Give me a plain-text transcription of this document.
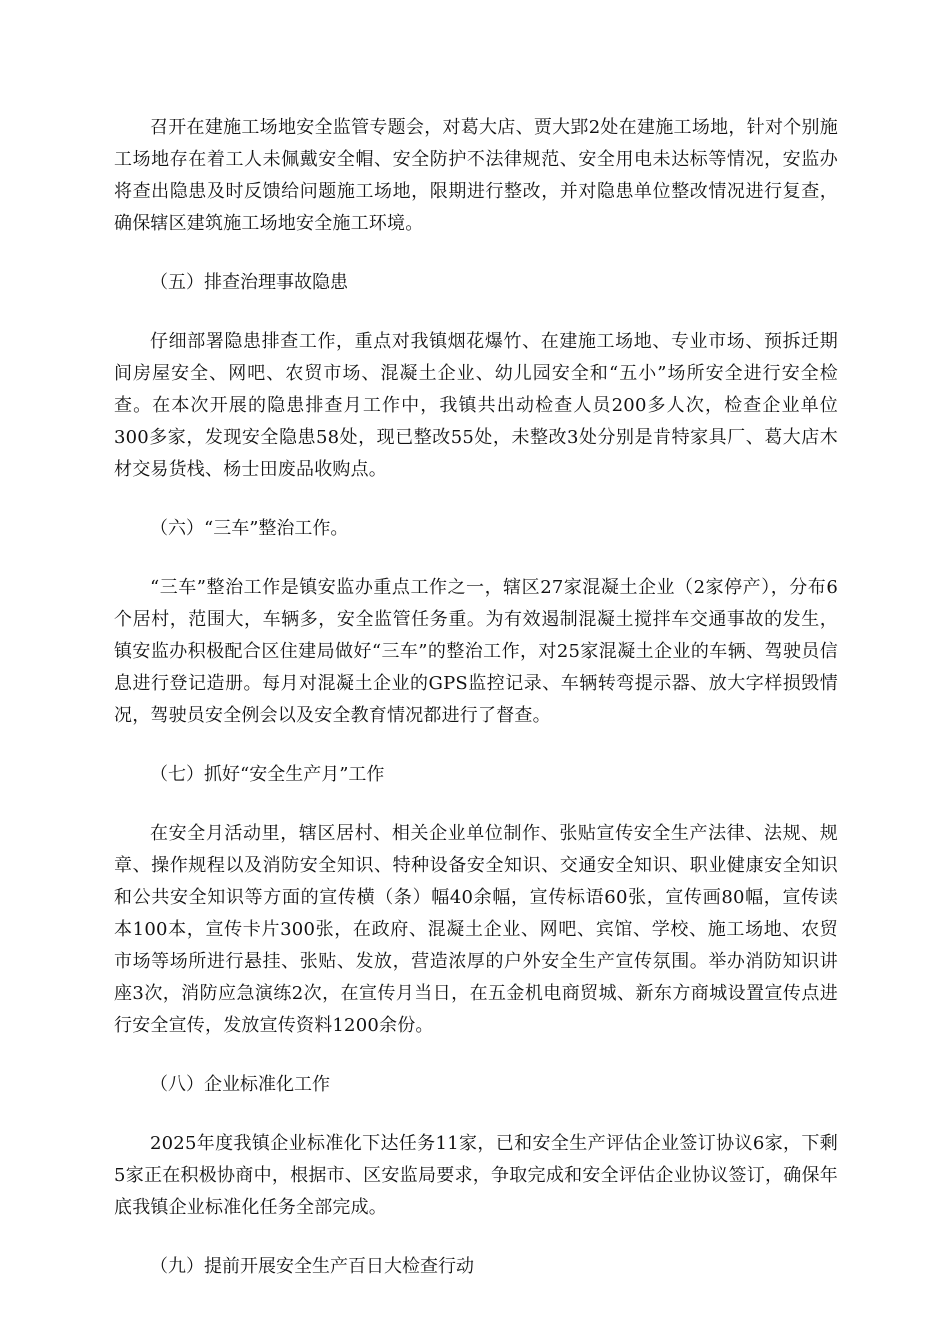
召开在建施工场地安全监管专题会，对葛大店、贾大郢2处在建施工场地，针对个别施工场地存在着工人未佩戴安全帽、安全防护不法律规范、安全用电未达标等情况，安监办将查出隐患及时反馈给问题施工场地，限期进行整改，并对隐患单位整改情况进行复查，确保辖区建筑施工场地安全施工环境。

（五）排查治理事故隐患

仔细部署隐患排查工作，重点对我镇烟花爆竹、在建施工场地、专业市场、预拆迁期间房屋安全、网吧、农贸市场、混凝土企业、幼儿园安全和“五小”场所安全进行安全检查。在本次开展的隐患排查月工作中，我镇共出动检查人员200多人次，检查企业单位300多家，发现安全隐患58处，现已整改55处，未整改3处分别是肯特家具厂、葛大店木材交易货栈、杨士田废品收购点。

（六）“三车”整治工作。

“三车”整治工作是镇安监办重点工作之一，辖区27家混凝土企业（2家停产），分布6个居村，范围大，车辆多，安全监管任务重。为有效遏制混凝土搅拌车交通事故的发生，镇安监办积极配合区住建局做好“三车”的整治工作，对25家混凝土企业的车辆、驾驶员信息进行登记造册。每月对混凝土企业的GPS监控记录、车辆转弯提示器、放大字样损毁情况，驾驶员安全例会以及安全教育情况都进行了督查。

（七）抓好“安全生产月”工作

在安全月活动里，辖区居村、相关企业单位制作、张贴宣传安全生产法律、法规、规章、操作规程以及消防安全知识、特种设备安全知识、交通安全知识、职业健康安全知识和公共安全知识等方面的宣传横（条）幅40余幅，宣传标语60张，宣传画80幅，宣传读本100本，宣传卡片300张，在政府、混凝土企业、网吧、宾馆、学校、施工场地、农贸市场等场所进行悬挂、张贴、发放，营造浓厚的户外安全生产宣传氛围。举办消防知识讲座3次，消防应急演练2次，在宣传月当日，在五金机电商贸城、新东方商城设置宣传点进行安全宣传，发放宣传资料1200余份。

（八）企业标准化工作

2025年度我镇企业标准化下达任务11家，已和安全生产评估企业签订协议6家，下剩5家正在积极协商中，根据市、区安监局要求，争取完成和安全评估企业协议签订，确保年底我镇企业标准化任务全部完成。

（九）提前开展安全生产百日大检查行动
